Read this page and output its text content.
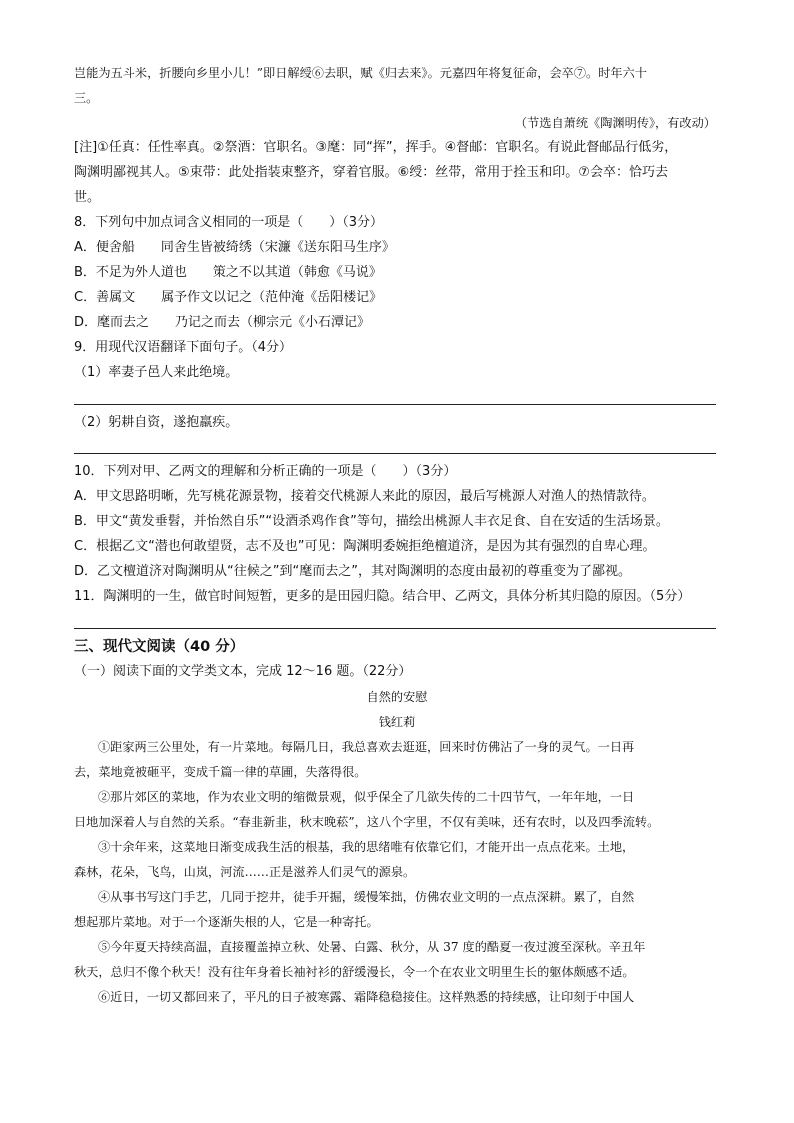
岂能为五斗米，折腰向乡里小儿！”即日解绶⑥去职，赋《归去来》。元嘉四年将复征命，会卒⑦。时年六十
三。
（节选自萧统《陶渊明传》，有改动）
[注]①任真：任性率真。②祭酒：官职名。③麾：同“挥”，挥手。④督邮：官职名。有说此督邮品行低劣，
陶渊明鄙视其人。⑤束带：此处指装束整齐，穿着官服。⑥绶：丝带，常用于拴玉和印。⑦会卒：恰巧去
世。
8．下列句中加点词含义相同的一项是（　　）（3分）
A．便舍船　　同舍生皆被绮绣（宋濂《送东阳马生序》
B．不足为外人道也　　策之不以其道（韩愈《马说》
C．善属文　　属予作文以记之（范仲淹《岳阳楼记》
D．麾而去之　　乃记之而去（柳宗元《小石潭记》
9．用现代汉语翻译下面句子。（4分）
（1）率妻子邑人来此绝境。
（2）躬耕自资，遂抱羸疾。
10．下列对甲、乙两文的理解和分析正确的一项是（　　）（3分）
A．甲文思路明晰，先写桃花源景物，接着交代桃源人来此的原因，最后写桃源人对渔人的热情款待。
B．甲文“黄发垂髫，并怡然自乐”“设酒杀鸡作食”等句，描绘出桃源人丰衣足食、自在安适的生活场景。
C．根据乙文“潜也何敢望贤，志不及也”可见：陶渊明委婉拒绝檀道济，是因为其有强烈的自卑心理。
D．乙文檀道济对陶渊明从“往候之”到“麾而去之”，其对陶渊明的态度由最初的尊重变为了鄙视。
11．陶渊明的一生，做官时间短暂，更多的是田园归隐。结合甲、乙两文，具体分析其归隐的原因。（5分）
三、现代文阅读（40 分）
（一）阅读下面的文学类文本，完成 12～16 题。（22分）
自然的安慰
钱红莉
①距家两三公里处，有一片菜地。每隔几日，我总喜欢去逛逛，回来时仿佛沾了一身的灵气。一日再
去，菜地竟被砸平，变成千篇一律的草圃，失落得很。
②那片郊区的菜地，作为农业文明的缩微景观，似乎保全了几欲失传的二十四节气，一年年地，一日
日地加深着人与自然的关系。“春韭新韭，秋末晚菘”，这八个字里，不仅有美味，还有农时，以及四季流转。
③十余年来，这菜地日渐变成我生活的根基，我的思绪唯有依靠它们，才能开出一点点花来。土地，
森林，花朵，飞鸟，山岚，河流……正是滋养人们灵气的源泉。
④从事书写这门手艺，几同于挖井，徒手开掘，缓慢笨拙，仿佛农业文明的一点点深耕。累了，自然
想起那片菜地。对于一个逐渐失根的人，它是一种寄托。
⑤今年夏天持续高温，直接覆盖掉立秋、处暑、白露、秋分，从 37 度的酷夏一夜过渡至深秋。辛丑年
秋天，总归不像个秋天！没有往年身着长袖衬衫的舒缓漫长，令一个在农业文明里生长的躯体颇感不适。
⑥近日，一切又都回来了，平凡的日子被寒露、霜降稳稳接住。这样熟悉的持续感，让印刻于中国人
